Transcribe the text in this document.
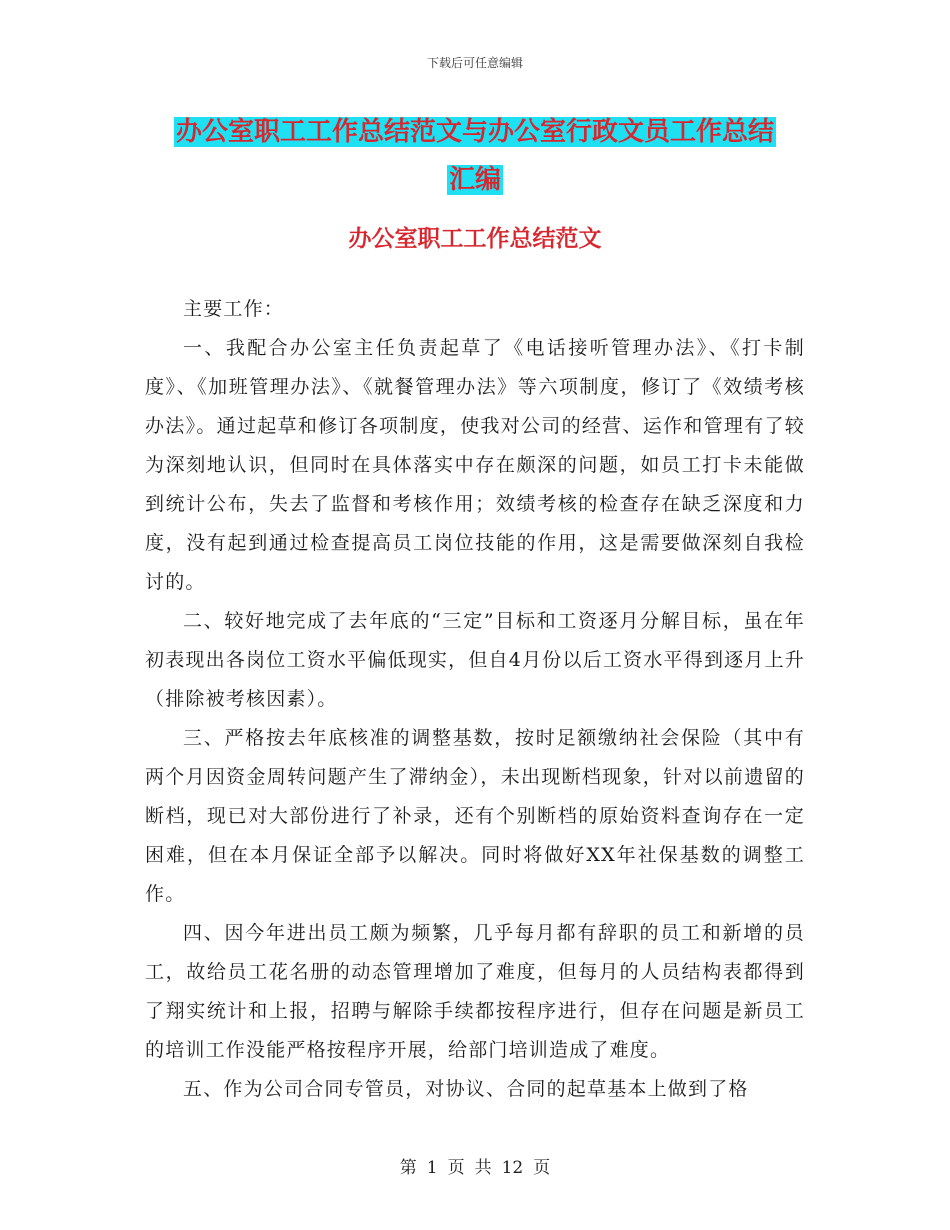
下载后可任意编辑
办公室职工工作总结范文与办公室行政文员工作总结
汇编
办公室职工工作总结范文

主要工作：

一、我配合办公室主任负责起草了《电话接听管理办法》、《打卡制度》、《加班管理办法》、《就餐管理办法》等六项制度，修订了《效绩考核办法》。通过起草和修订各项制度，使我对公司的经营、运作和管理有了较为深刻地认识，但同时在具体落实中存在颇深的问题，如员工打卡未能做到统计公布，失去了监督和考核作用；效绩考核的检查存在缺乏深度和力度，没有起到通过检查提高员工岗位技能的作用，这是需要做深刻自我检讨的。

二、较好地完成了去年底的“三定”目标和工资逐月分解目标，虽在年初表现出各岗位工资水平偏低现实，但自4月份以后工资水平得到逐月上升（排除被考核因素）。

三、严格按去年底核准的调整基数，按时足额缴纳社会保险（其中有两个月因资金周转问题产生了滞纳金），未出现断档现象，针对以前遗留的断档，现已对大部份进行了补录，还有个别断档的原始资料查询存在一定困难，但在本月保证全部予以解决。同时将做好XX年社保基数的调整工作。

四、因今年进出员工颇为频繁，几乎每月都有辞职的员工和新增的员工，故给员工花名册的动态管理增加了难度，但每月的人员结构表都得到了翔实统计和上报，招聘与解除手续都按程序进行，但存在问题是新员工的培训工作没能严格按程序开展，给部门培训造成了难度。

五、作为公司合同专管员，对协议、合同的起草基本上做到了格

第 1 页 共 12 页
